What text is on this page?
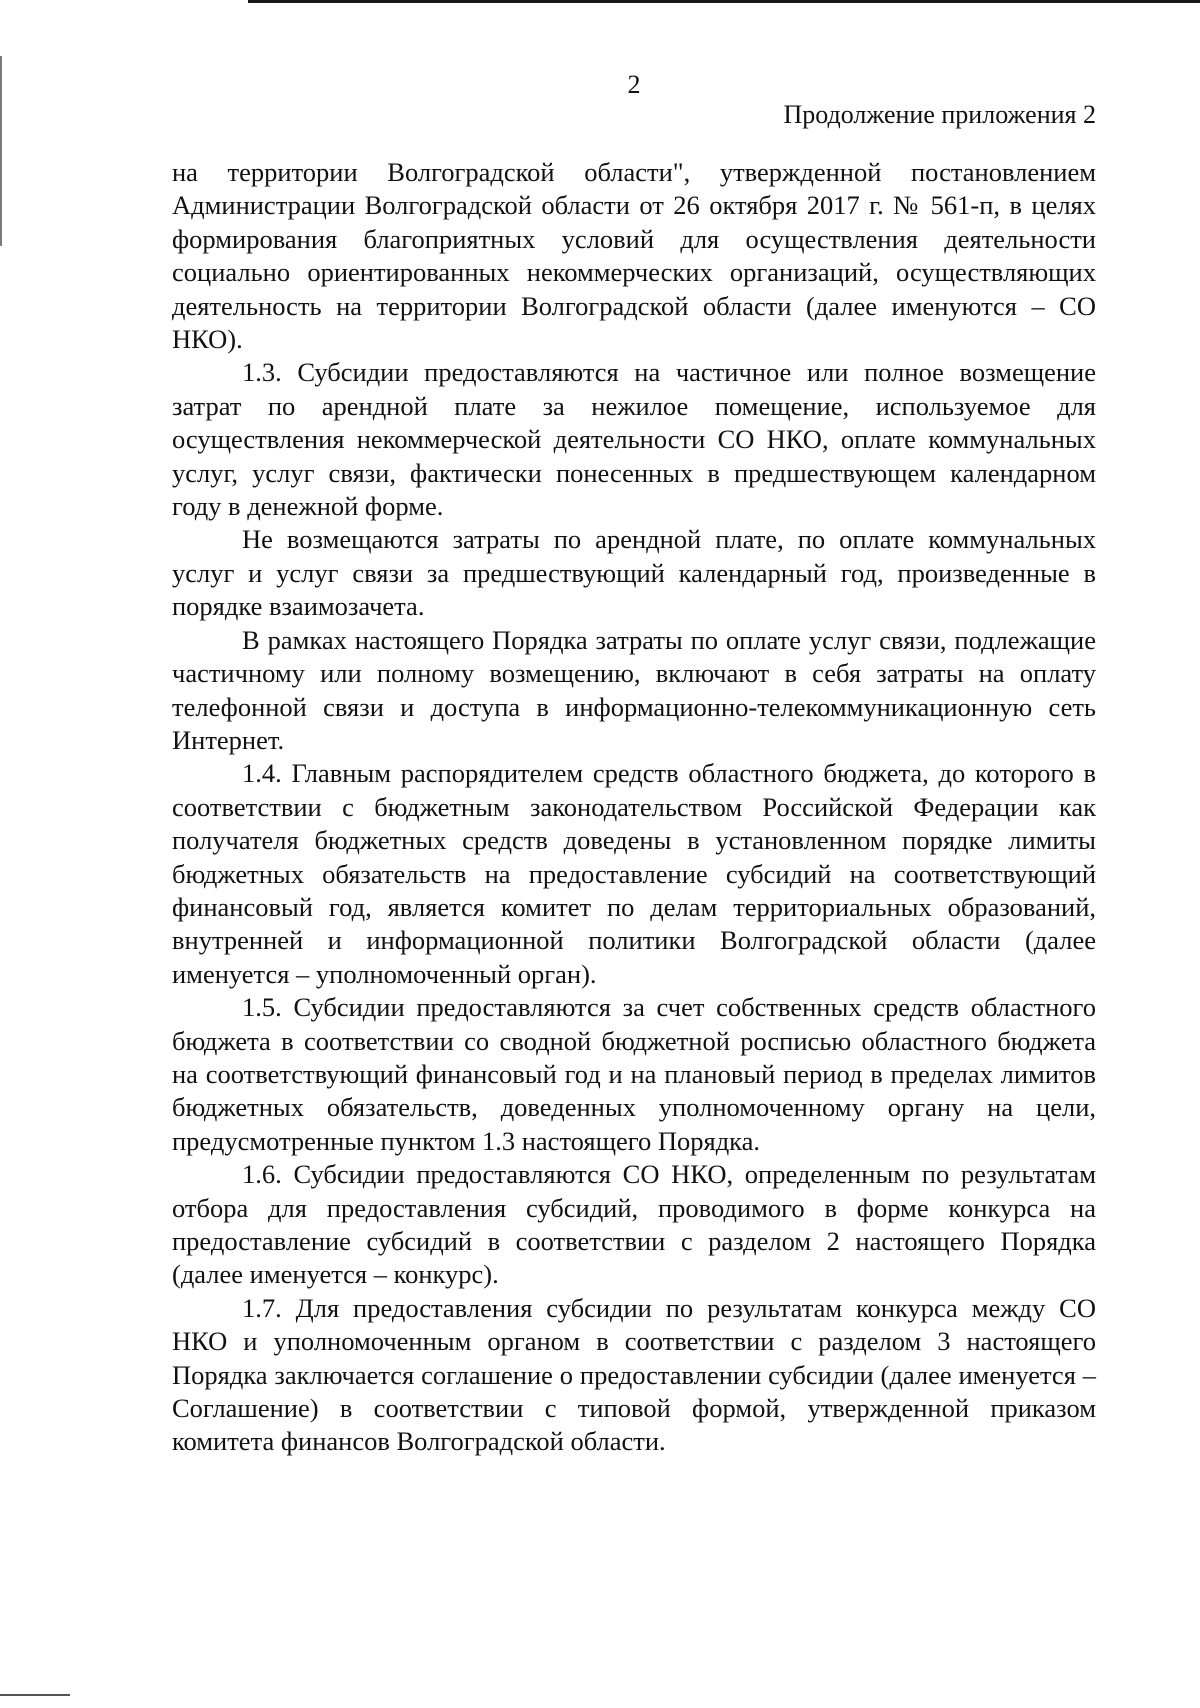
2
Продолжение приложения 2

на территории Волгоградской области", утвержденной постановлением Администрации Волгоградской области от 26 октября 2017 г. № 561-п, в целях формирования благоприятных условий для осуществления деятельности социально ориентированных некоммерческих организаций, осуществляющих деятельность на территории Волгоградской области (далее именуются – СО НКО).

1.3. Субсидии предоставляются на частичное или полное возмещение затрат по арендной плате за нежилое помещение, используемое для осуществления некоммерческой деятельности СО НКО, оплате коммунальных услуг, услуг связи, фактически понесенных в предшествующем календарном году в денежной форме.

Не возмещаются затраты по арендной плате, по оплате коммунальных услуг и услуг связи за предшествующий календарный год, произведенные в порядке взаимозачета.

В рамках настоящего Порядка затраты по оплате услуг связи, подлежащие частичному или полному возмещению, включают в себя затраты на оплату телефонной связи и доступа в информационно-телекоммуникационную сеть Интернет.

1.4. Главным распорядителем средств областного бюджета, до которого в соответствии с бюджетным законодательством Российской Федерации как получателя бюджетных средств доведены в установленном порядке лимиты бюджетных обязательств на предоставление субсидий на соответствующий финансовый год, является комитет по делам территориальных образований, внутренней и информационной политики Волгоградской области (далее именуется – уполномоченный орган).

1.5. Субсидии предоставляются за счет собственных средств областного бюджета в соответствии со сводной бюджетной росписью областного бюджета на соответствующий финансовый год и на плановый период в пределах лимитов бюджетных обязательств, доведенных уполномоченному органу на цели, предусмотренные пунктом 1.3 настоящего Порядка.

1.6. Субсидии предоставляются СО НКО, определенным по результатам отбора для предоставления субсидий, проводимого в форме конкурса на предоставление субсидий в соответствии с разделом 2 настоящего Порядка (далее именуется – конкурс).

1.7. Для предоставления субсидии по результатам конкурса между СО НКО и уполномоченным органом в соответствии с разделом 3 настоящего Порядка заключается соглашение о предоставлении субсидии (далее именуется – Соглашение) в соответствии с типовой формой, утвержденной приказом комитета финансов Волгоградской области.
